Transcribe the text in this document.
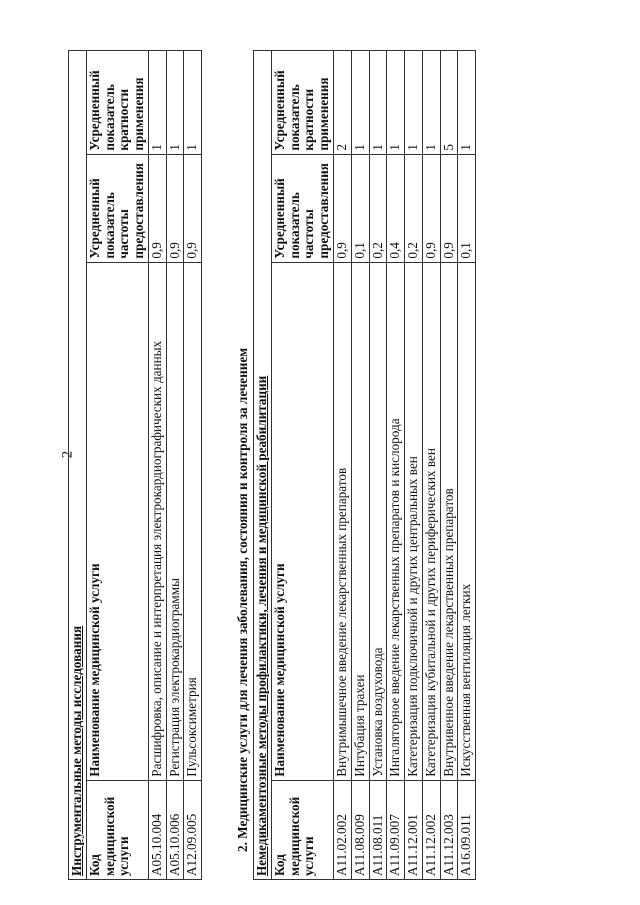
2
Инструментальные методы исследования			
Код медицинской услуги	Наименование медицинской услуги	Усредненный показатель частоты предоставления	Усредненный показатель кратности применения
A05.10.004	Расшифровка, описание и интерпретация электрокардиографических данных	0,9	1
A05.10.006	Регистрация электрокардиограммы	0,9	1
A12.09.005	Пульсоксиметрия	0,9	1
2. Медицинские услуги для лечения заболевания, состояния и контроля за лечением Немедикаментозные методы профилактики, лечения и медицинской реабилитации			
Код медицинской услуги	Наименование медицинской услуги	Усредненный показатель частоты предоставления	Усредненный показатель кратности применения
A11.02.002	Внутримышечное введение лекарственных препаратов	0,9	2
A11.08.009	Интубация трахеи	0,1	1
A11.08.011	Установка воздуховода	0,2	1
A11.09.007	Ингаляторное введение лекарственных препаратов и кислорода	0,4	1
A11.12.001	Катетеризация подключичной и других центральных вен	0,2	1
A11.12.002	Катетеризация кубитальной и других периферических вен	0,9	1
A11.12.003	Внутривенное введение лекарственных препаратов	0,9	5
A16.09.011	Искусственная вентиляция легких	0,1	1
